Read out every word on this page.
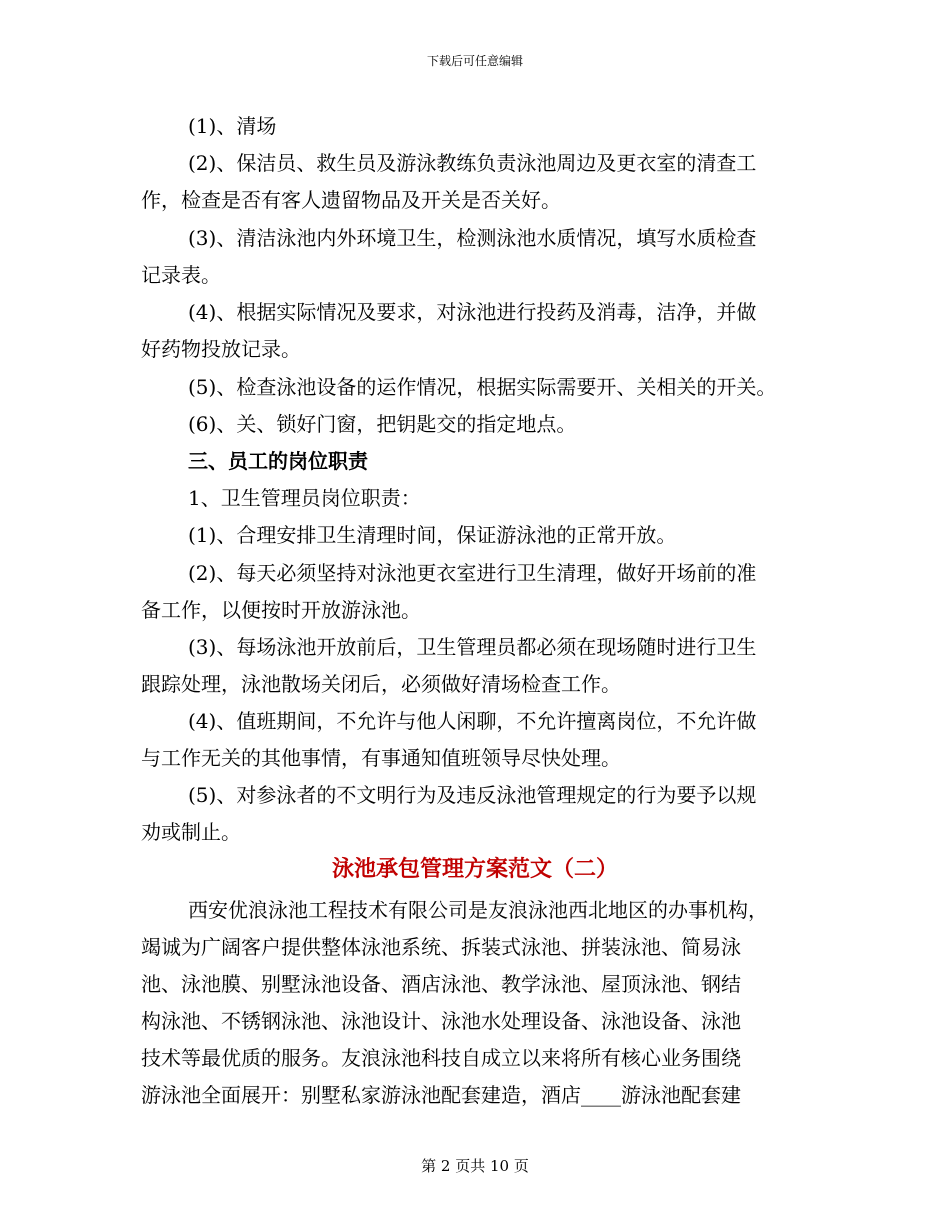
下载后可任意编辑
(1)、清场
(2)、保洁员、救生员及游泳教练负责泳池周边及更衣室的清查工
作，检查是否有客人遗留物品及开关是否关好。
(3)、清洁泳池内外环境卫生，检测泳池水质情况，填写水质检查
记录表。
(4)、根据实际情况及要求，对泳池进行投药及消毒，洁净，并做
好药物投放记录。
(5)、检查泳池设备的运作情况，根据实际需要开、关相关的开关。
(6)、关、锁好门窗，把钥匙交的指定地点。
三、员工的岗位职责
1、卫生管理员岗位职责：
(1)、合理安排卫生清理时间，保证游泳池的正常开放。
(2)、每天必须坚持对泳池更衣室进行卫生清理，做好开场前的准
备工作，以便按时开放游泳池。
(3)、每场泳池开放前后，卫生管理员都必须在现场随时进行卫生
跟踪处理，泳池散场关闭后，必须做好清场检查工作。
(4)、值班期间，不允许与他人闲聊，不允许擅离岗位，不允许做
与工作无关的其他事情，有事通知值班领导尽快处理。
(5)、对参泳者的不文明行为及违反泳池管理规定的行为要予以规
劝或制止。
泳池承包管理方案范文（二）
西安优浪泳池工程技术有限公司是友浪泳池西北地区的办事机构，
竭诚为广阔客户提供整体泳池系统、拆装式泳池、拼装泳池、简易泳
池、泳池膜、别墅泳池设备、酒店泳池、教学泳池、屋顶泳池、钢结
构泳池、不锈钢泳池、泳池设计、泳池水处理设备、泳池设备、泳池
技术等最优质的服务。友浪泳池科技自成立以来将所有核心业务围绕
游泳池全面展开：别墅私家游泳池配套建造，酒店____游泳池配套建
第 2 页共 10 页
